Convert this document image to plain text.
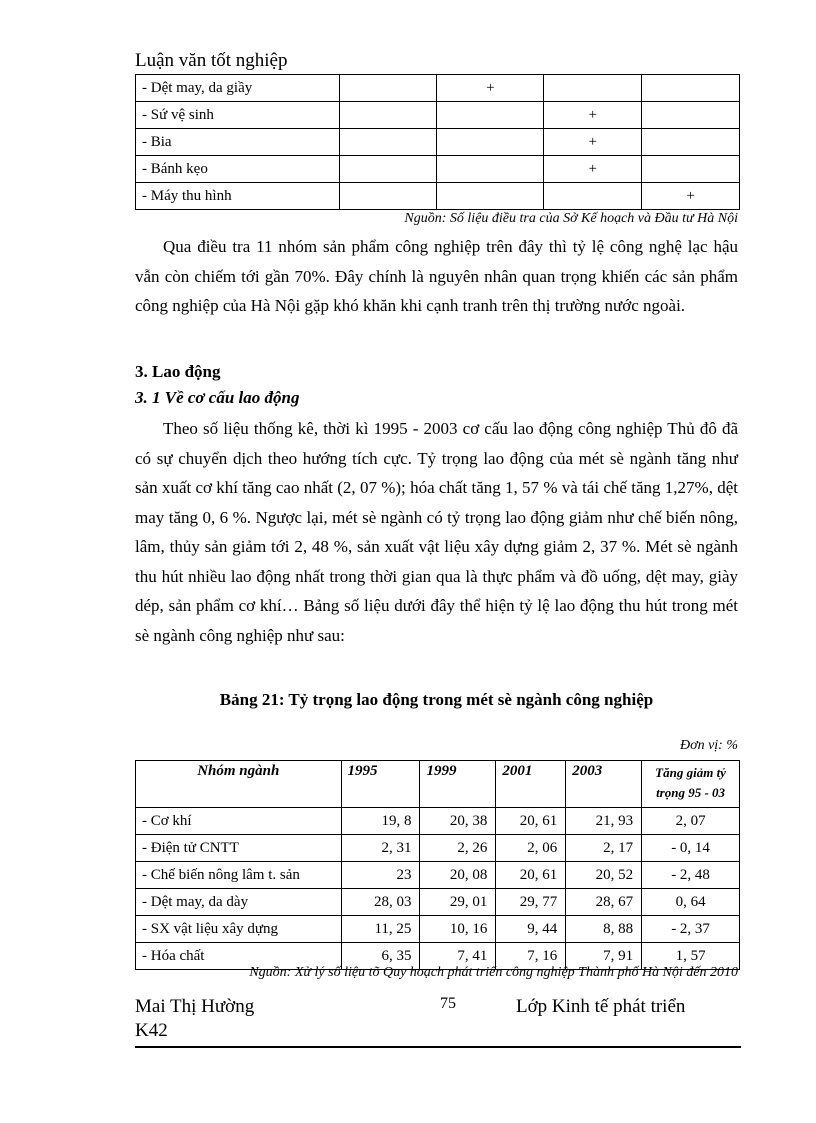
Luận văn tốt nghiệp
- Dệt may, da giầy		+		
- Sứ vệ sinh			+	
- Bia			+	
- Bánh kẹo			+	
- Máy thu hình				+
Nguồn: Số liệu điều tra của Sở Kế hoạch và Đầu tư Hà Nội

Qua điều tra 11 nhóm sản phẩm công nghiệp trên đây thì tỷ lệ công nghệ lạc hậu vẫn còn chiếm tới gần 70%. Đây chính là nguyên nhân quan trọng khiến các sản phẩm công nghiệp của Hà Nội gặp khó khăn khi cạnh tranh trên thị trường nước ngoài.

3. Lao động
3. 1 Về cơ cấu lao động

Theo số liệu thống kê, thời kì 1995 - 2003 cơ cấu lao động công nghiệp Thủ đô đã có sự chuyển dịch theo hướng tích cực. Tỷ trọng lao động của mét sè ngành tăng như sản xuất cơ khí tăng cao nhất (2, 07 %); hóa chất tăng 1, 57 % và tái chế tăng 1,27%, dệt may tăng 0, 6 %. Ngược lại, mét sè ngành có tỷ trọng lao động giảm như chế biến nông, lâm, thủy sản giảm tới 2, 48 %, sản xuất vật liệu xây dựng giảm 2, 37 %. Mét sè ngành thu hút nhiều lao động nhất trong thời gian qua là thực phẩm và đồ uống, dệt may, giày dép, sản phẩm cơ khí… Bảng số liệu dưới đây thể hiện tỷ lệ lao động thu hút trong mét sè ngành công nghiệp như sau:

Bảng 21: Tỷ trọng lao động trong mét sè ngành công nghiệp
Đơn vị: %
Nhóm ngành	1995	1999	2001	2003	Tăng giảm tỷ trọng 95 - 03
- Cơ khí	19, 8	20, 38	20, 61	21, 93	2, 07
- Điện tử CNTT	2, 31	2, 26	2, 06	2, 17	- 0, 14
- Chế biến nông lâm t. sản	23	20, 08	20, 61	20, 52	- 2, 48
- Dệt may, da dày	28, 03	29, 01	29, 77	28, 67	0, 64
- SX vật liệu xây dựng	11, 25	10, 16	9, 44	8, 88	- 2, 37
- Hóa chất	6, 35	7, 41	7, 16	7, 91	1, 57
Nguồn: Xử lý số liệu tõ Quy hoạch phát triển công nghiệp Thành phố Hà Nội đến 2010
Mai Thị Hường
K42
75	Lớp Kinh tế phát triển
